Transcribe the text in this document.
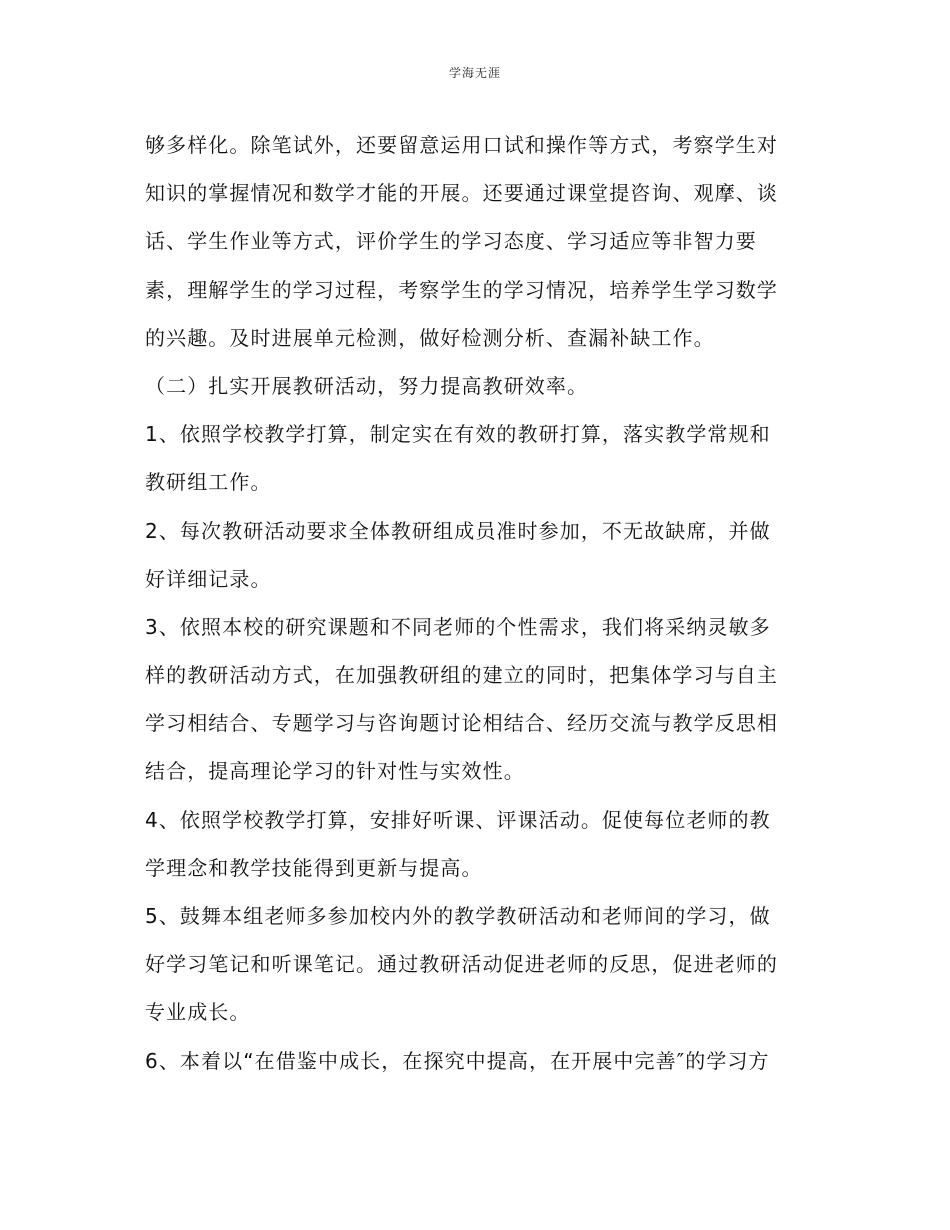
学海无涯
够多样化。除笔试外，还要留意运用口试和操作等方式，考察学生对
知识的掌握情况和数学才能的开展。还要通过课堂提咨询、观摩、谈
话、学生作业等方式，评价学生的学习态度、学习适应等非智力要
素，理解学生的学习过程，考察学生的学习情况，培养学生学习数学
的兴趣。及时进展单元检测，做好检测分析、查漏补缺工作。
（二）扎实开展教研活动，努力提高教研效率。
1、依照学校教学打算，制定实在有效的教研打算，落实教学常规和
教研组工作。
2、每次教研活动要求全体教研组成员准时参加，不无故缺席，并做
好详细记录。
3、依照本校的研究课题和不同老师的个性需求，我们将采纳灵敏多
样的教研活动方式，在加强教研组的建立的同时，把集体学习与自主
学习相结合、专题学习与咨询题讨论相结合、经历交流与教学反思相
结合，提高理论学习的针对性与实效性。
4、依照学校教学打算，安排好听课、评课活动。促使每位老师的教
学理念和教学技能得到更新与提高。
5、鼓舞本组老师多参加校内外的教学教研活动和老师间的学习，做
好学习笔记和听课笔记。通过教研活动促进老师的反思，促进老师的
专业成长。
6、本着以“在借鉴中成长，在探究中提高，在开展中完善″的学习方
